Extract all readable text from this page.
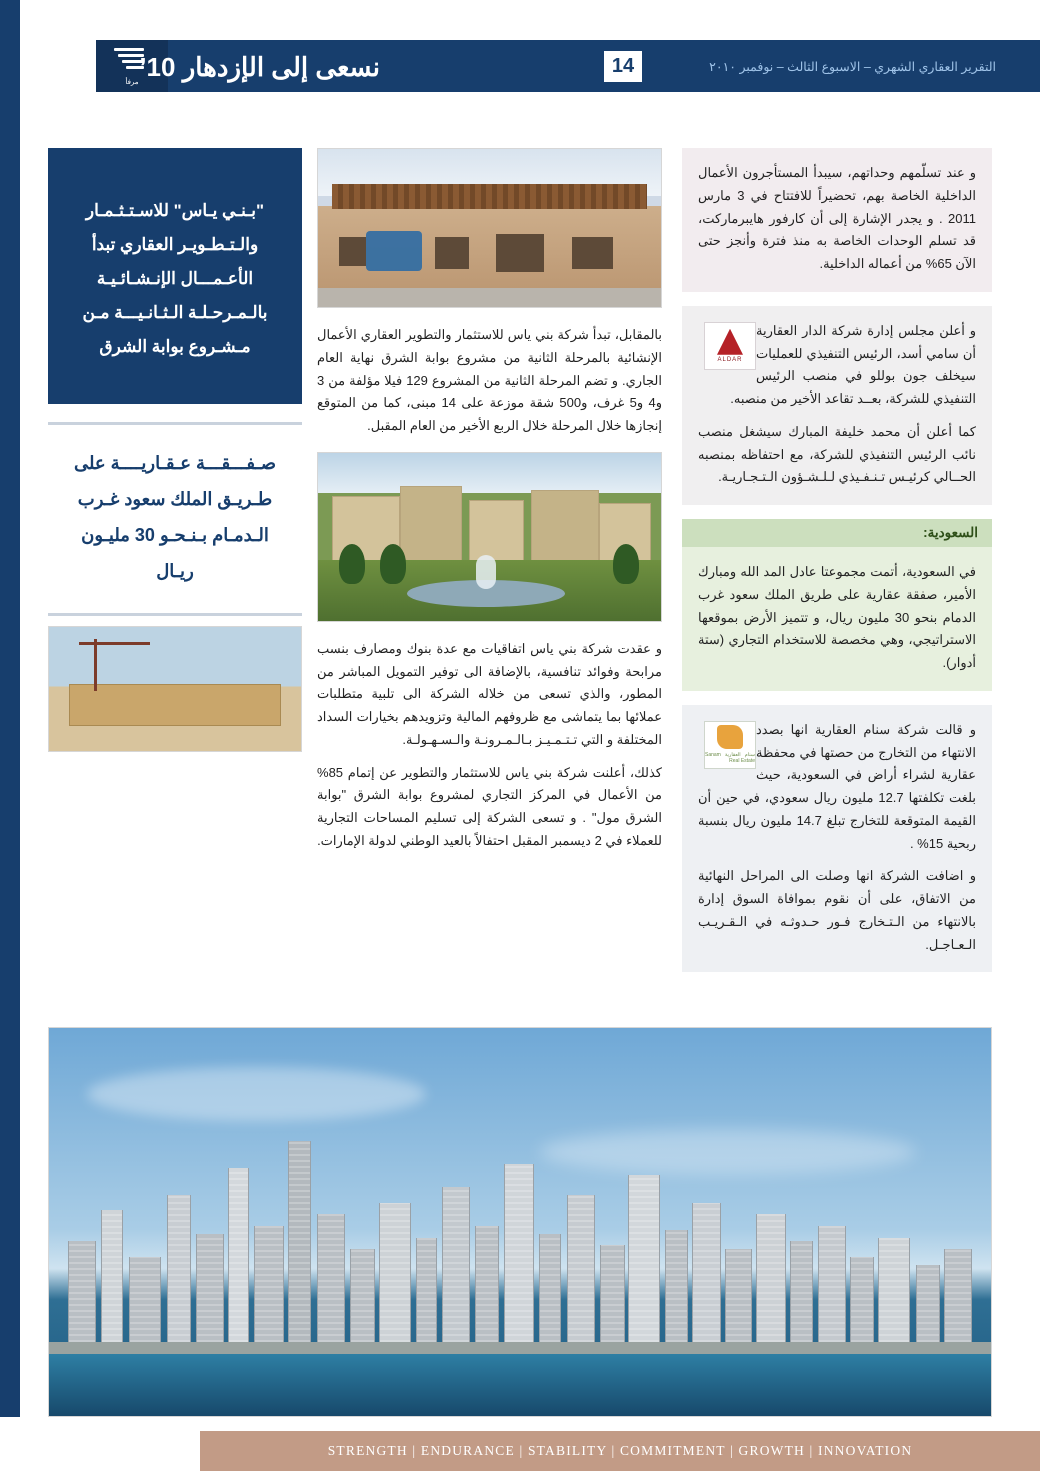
مرفأ
نسعى إلى الإزدهار 10’	التقرير العقاري الشهري – الاسبوع الثالث – نوفمبر ٢٠١٠
14

و عند تسلّمهم وحداتهم، سيبدأ المستأجرون الأعمال الداخلية الخاصة بهم، تحضيراً للافتتاح في 3 مارس 2011 . و يجدر الإشارة إلى أن كارفور هايبرماركت، قد تسلم الوحدات الخاصة به منذ فترة وأنجز حتى الآن 65% من أعماله الداخلية.

ALDAR

و أعلن مجلس إدارة شركة الدار العقارية أن سامي أسد، الرئيس التنفيذي للعمليات سيخلف جون بوللو في منصب الرئيس التنفيذي للشركة، بعــد تقاعد الأخير من منصبه.

كما أعلن أن محمد خليفة المبارك سيشغل منصب نائب الرئيس التنفيذي للشركة، مع احتفاظه بمنصبه الحــالي كرئيـس تـنـفـيذي لـلـشـؤون الـتـجـاريـة.

السعودية:

في السعودية، أتمت مجموعتا عادل المد الله ومبارك الأمير، صفقة عقارية على طريق الملك سعود غرب الدمام بنحو 30 مليون ريال، و تتميز الأرض بموقعها الاستراتيجي، وهي مخصصة للاستخدام التجاري (ستة أدوار).

سنام العقارية Sanam Real Estate

و قالت شركة سنام العقارية انها بصدد الانتهاء من التخارج من حصتها في محفظة عقارية لشراء أراض في السعودية، حيث بلغت تكلفتها 12.7 مليون ريال سعودي، في حين أن القيمة المتوقعة للتخارج تبلغ 14.7 مليون ريال بنسبة ربحية 15% .

و اضافت الشركة انها وصلت الى المراحل النهائية من الاتفاق، على أن نقوم بموافاة السوق إدارة بالانتهاء من الـتـخارج فـور حـدوثـه في الـقـريـب الـعـاجـل.

بالمقابل، تبدأ شركة بني ياس للاستثمار والتطوير العقاري الأعمال الإنشائية بالمرحلة الثانية من مشروع بوابة الشرق نهاية العام الجاري. و تضم المرحلة الثانية من المشروع 129 فيلا مؤلفة من 3 و4 و5 غرف، و500 شقة موزعة على 14 مبنى، كما من المتوقع إنجازها خلال المرحلة خلال الربع الأخير من العام المقبل.

و عقدت شركة بني ياس اتفاقيات مع عدة بنوك ومصارف بنسب مرابحة وفوائد تنافسية، بالإضافة الى توفير التمويل المباشر من المطور، والذي تسعى من خلاله الشركة الى تلبية متطلبات عملائها بما يتماشى مع ظروفهم المالية وتزويدهم بخيارات السداد المختلفة و التي تـتـمـيـز بـالـمـرونـة والـسـهـولـة.

كذلك، أعلنت شركة بني ياس للاستثمار والتطوير عن إتمام 85% من الأعمال في المركز التجاري لمشروع بوابة الشرق "بوابة الشرق مول" . و تسعى الشركة إلى تسليم المساحات التجارية للعملاء في 2 ديسمبر المقبل احتفالاً بالعيد الوطني لدولة الإمارات.

"بـنـي يـاس" للاسـتـثـمـار والـتـطـويـر العقاري تبدأ الأعـمـــال الإنـشـائـيـة بالـمـرحـلـة الـثـانـيـــة مـن مـشـروع بوابة الشرق
صـفـــقـــة عـقـاريــــة على طـريـق الملك سعود غـرب الـدمـام بـنـحـو 30 مليـون ريـال
STRENGTH | ENDURANCE | STABILITY | COMMITMENT | GROWTH | INNOVATION
